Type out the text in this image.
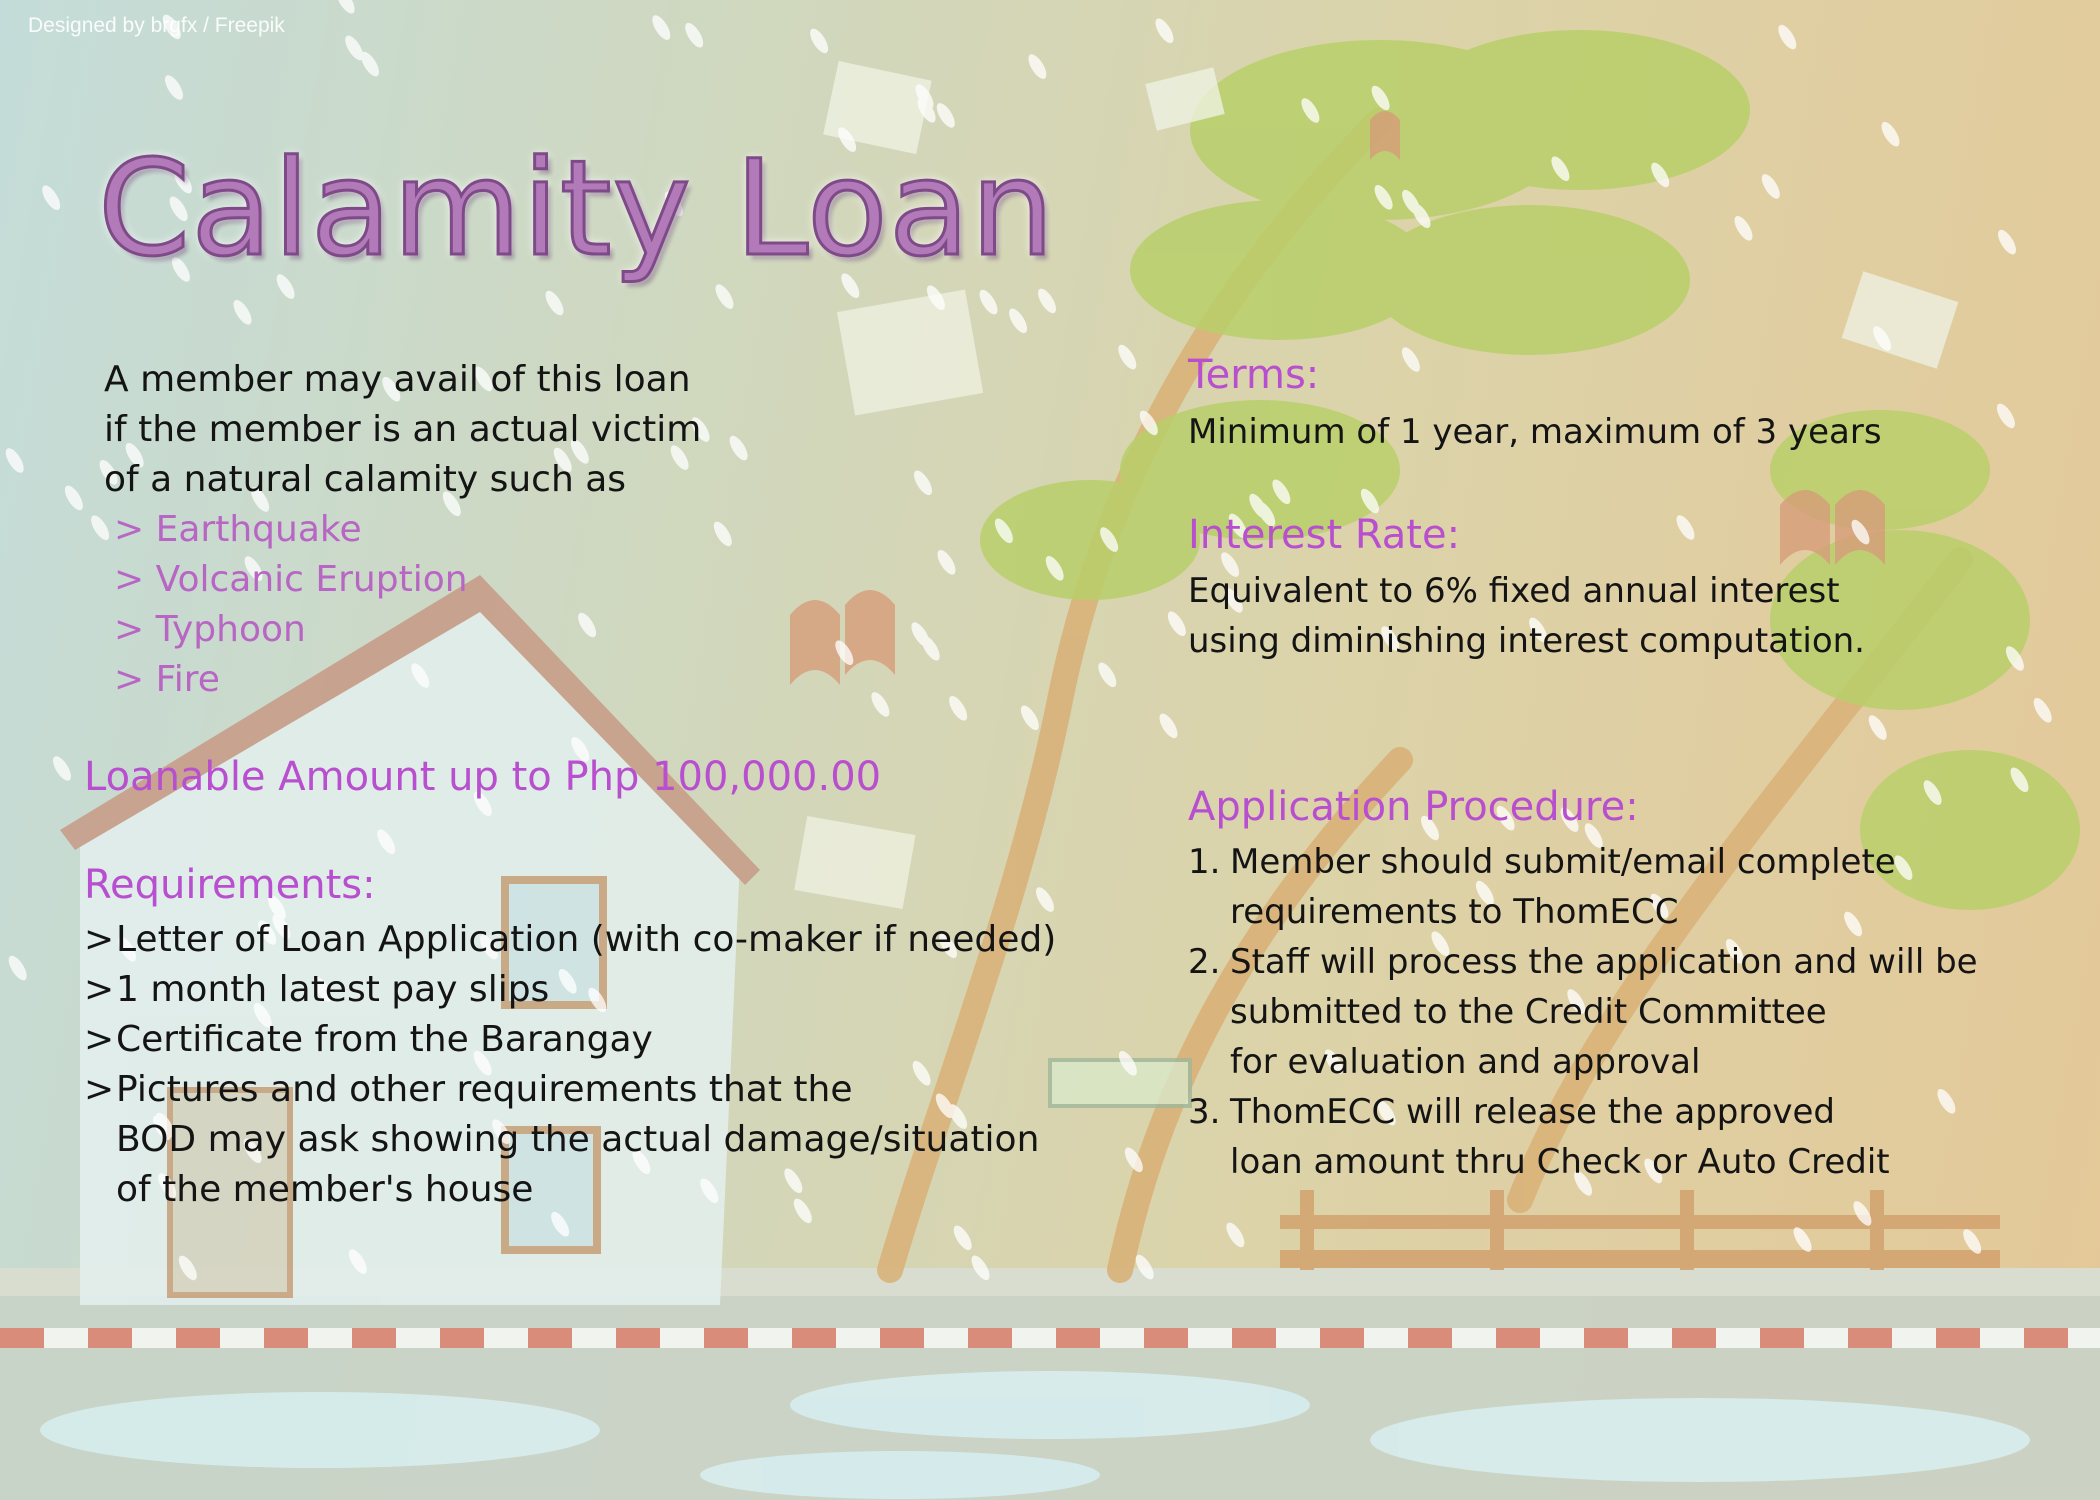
Designed by brgfx / Freepik
Calamity Loan

A member may avail of this loan
if the member is an actual victim
of a natural calamity such as

> Earthquake
> Volcanic Eruption
> Typhoon
> Fire
Loanable Amount up to Php 100,000.00
Requirements:
> Letter of Loan Application (with co-maker if needed)
> 1 month latest pay slips
> Certificate from the Barangay
> Pictures and other requirements that the
BOD may ask showing the actual damage/situation
of the member's house
Terms:

Minimum of 1 year, maximum of 3 years

Interest Rate:

Equivalent to 6% fixed annual interest
using diminishing interest computation.

Application Procedure:
1. Member should submit/email complete
requirements to ThomECC
2. Staff will process the application and will be
submitted to the Credit Committee
for evaluation and approval
3. ThomECC will release the approved
loan amount thru Check or Auto Credit
